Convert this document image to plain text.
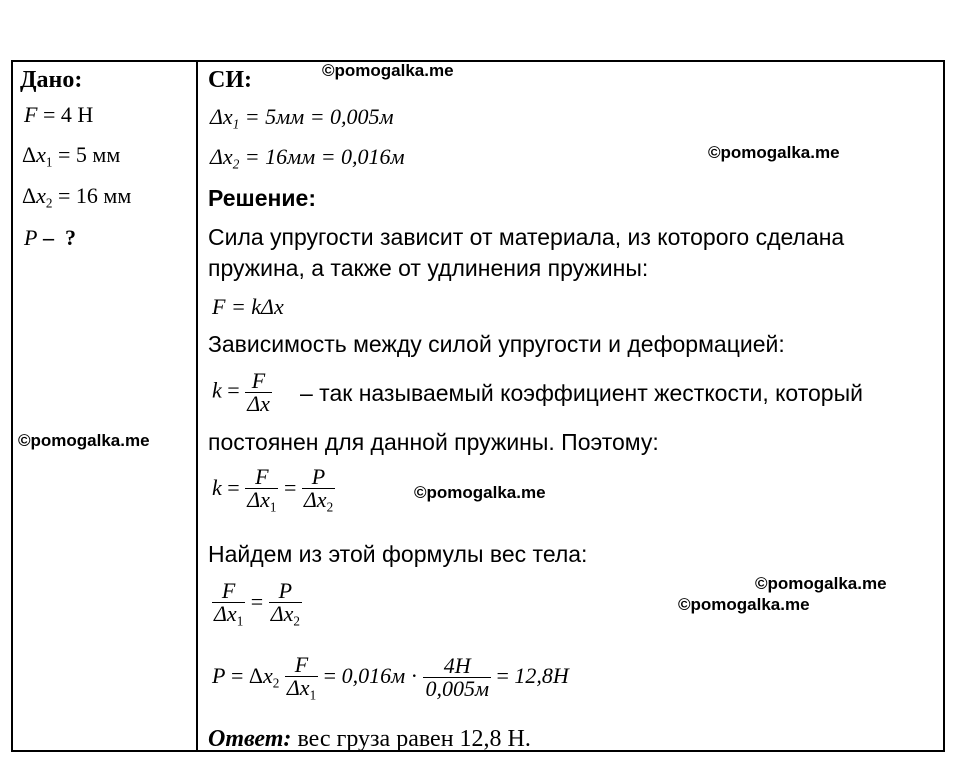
Дано:
F = 4 Н
$\Delta x_1 = 5$ мм
$\Delta x_2 = 16$ мм
P – ?
СИ:
$\Delta x_1 = 5мм = 0,005м$
$\Delta x_2 = 16мм = 0,016м$
Решение:
Сила упругости зависит от материала, из которого сделана
пружина, а также от удлинения пружины:
F = kΔx
Зависимость между силой упругости и деформацией:
$k = \frac{F}{\Delta x}$ – так называемый коэффициент жесткости, который
постоянен для данной пружины. Поэтому:
$k = \frac{F}{\Delta x_1} = \frac{P}{\Delta x_2}$
Найдем из этой формулы вес тела:
$\frac{F}{\Delta x_1} = \frac{P}{\Delta x_2}$
$P = \Delta x_2 \frac{F}{\Delta x_1} = 0,016м \cdot \frac{4Н}{0,005м} = 12,8Н$
Ответ: вес груза равен 12,8 Н.
©pomogalka.me
©pomogalka.me
©pomogalka.me
©pomogalka.me
©pomogalka.me
©pomogalka.me
